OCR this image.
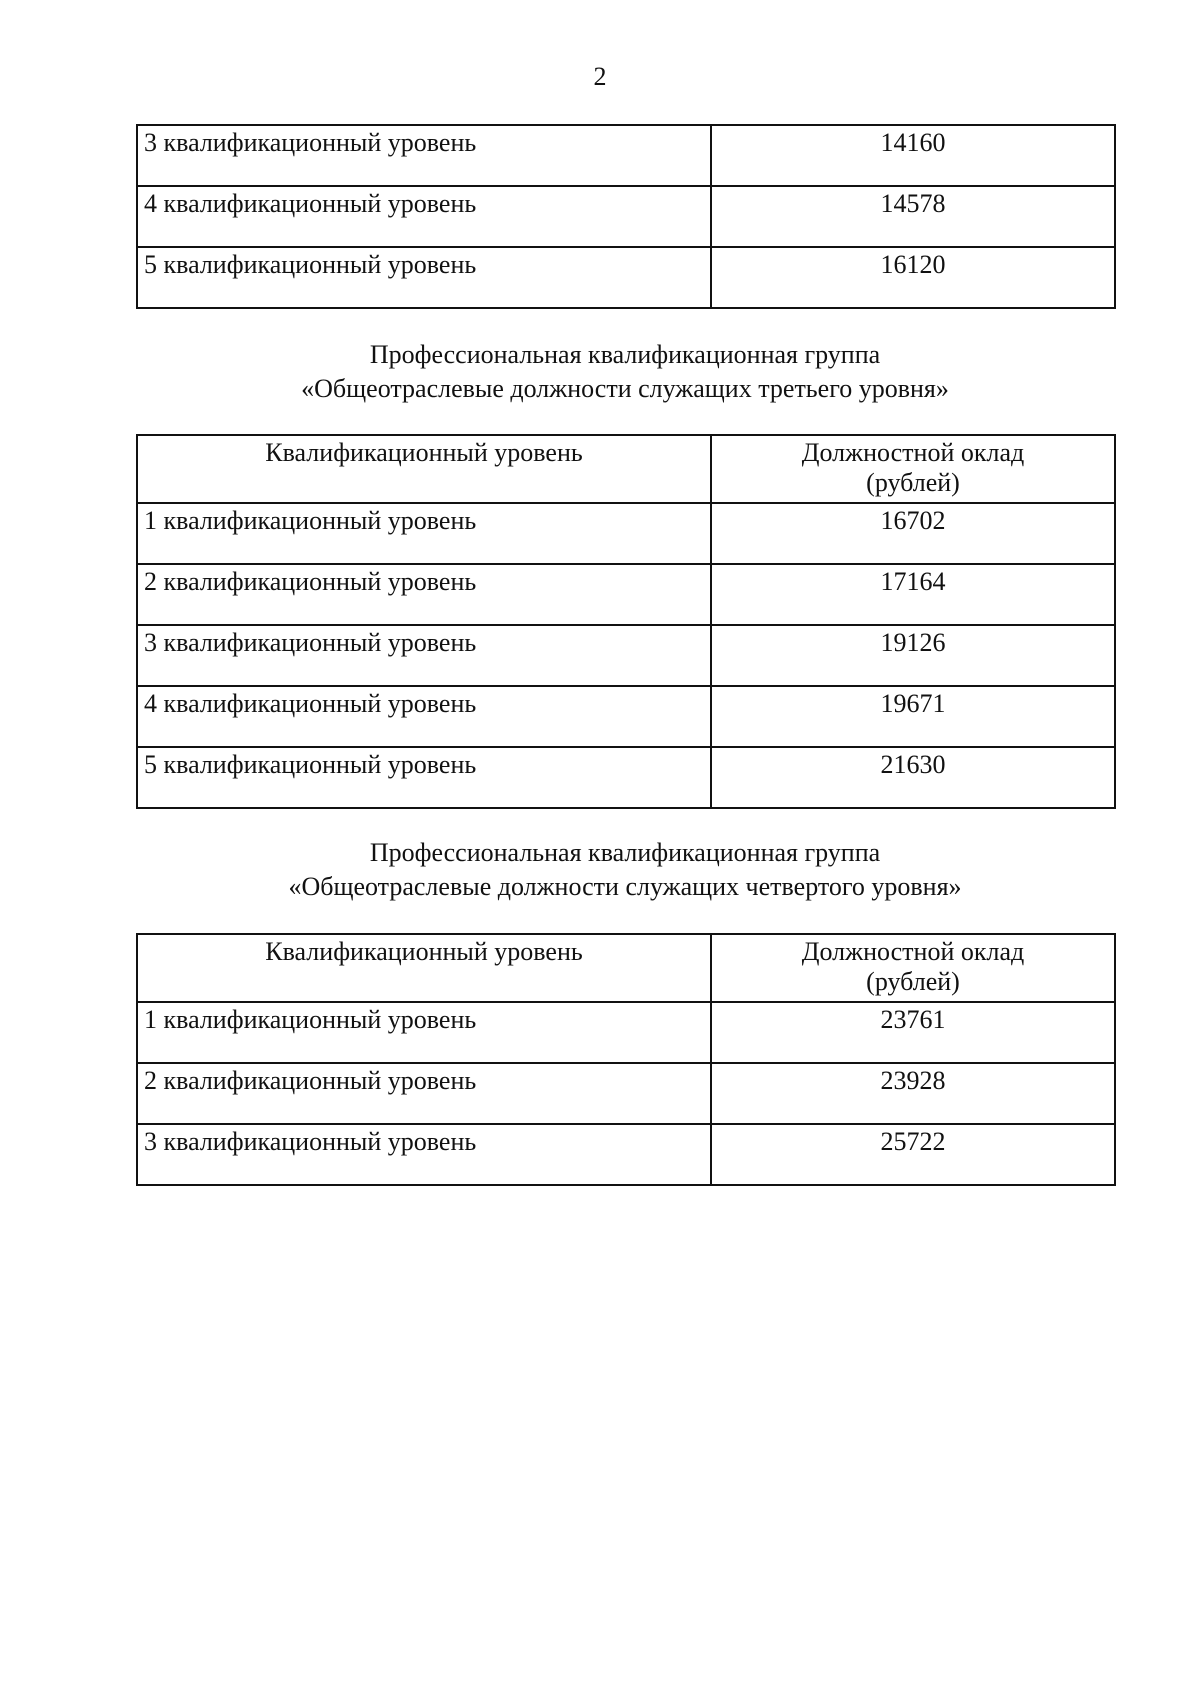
2
3 квалификационный уровень	14160
4 квалификационный уровень	14578
5 квалификационный уровень	16120
Профессиональная квалификационная группа
«Общеотраслевые должности служащих третьего уровня»
Квалификационный уровень	Должностной оклад
(рублей)

1 квалификационный уровень	16702
2 квалификационный уровень	17164
3 квалификационный уровень	19126
4 квалификационный уровень	19671
5 квалификационный уровень	21630
Профессиональная квалификационная группа
«Общеотраслевые должности служащих четвертого уровня»
Квалификационный уровень	Должностной оклад
(рублей)

1 квалификационный уровень	23761
2 квалификационный уровень	23928
3 квалификационный уровень	25722
